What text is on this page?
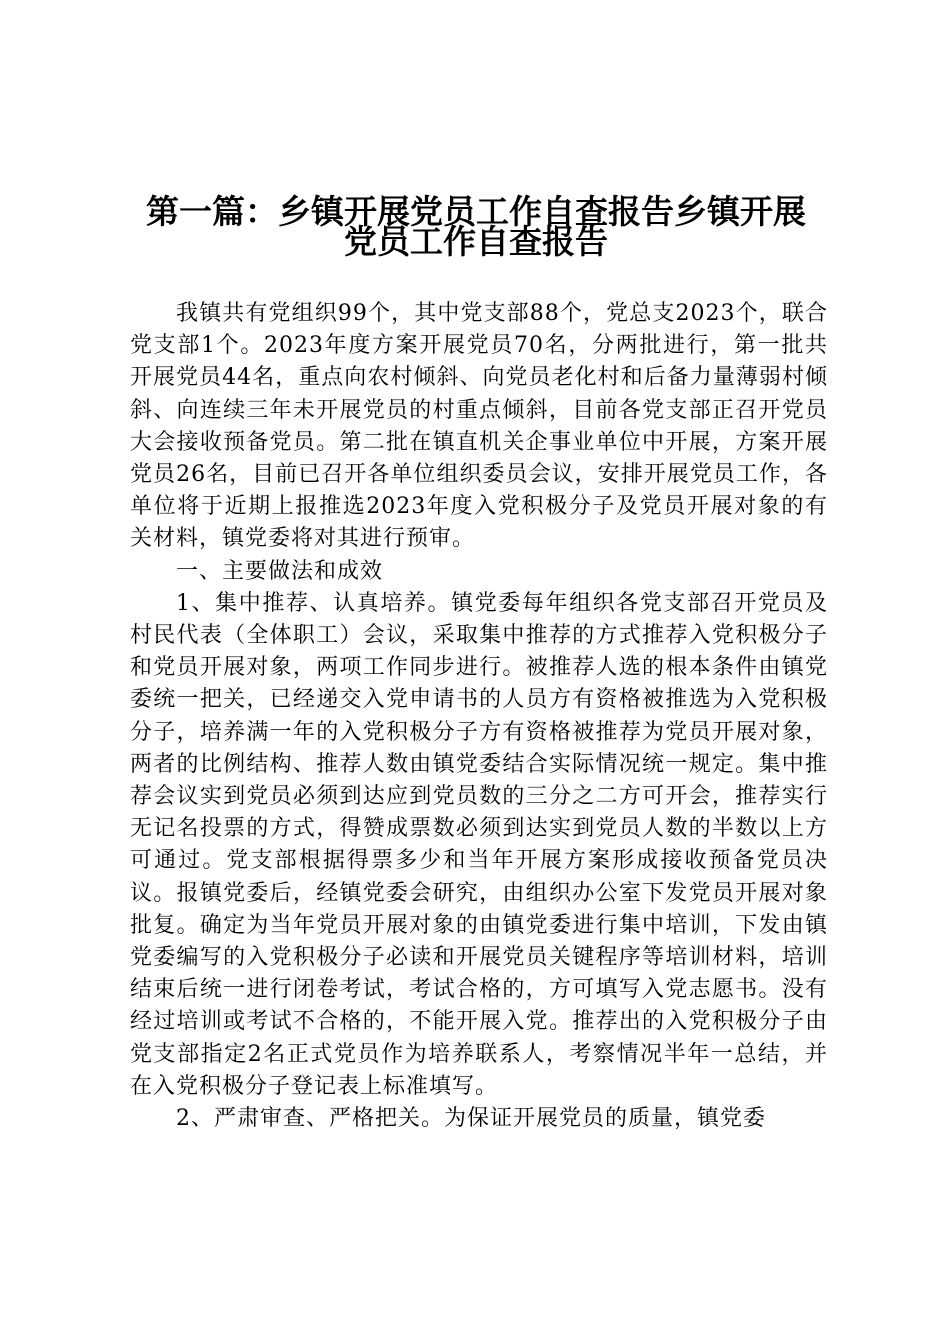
第一篇：乡镇开展党员工作自查报告乡镇开展
党员工作自查报告

我镇共有党组织99个，其中党支部88个，党总支2023个，联合党支部1个。2023年度方案开展党员70名，分两批进行，第一批共开展党员44名，重点向农村倾斜、向党员老化村和后备力量薄弱村倾斜、向连续三年未开展党员的村重点倾斜，目前各党支部正召开党员大会接收预备党员。第二批在镇直机关企事业单位中开展，方案开展党员26名，目前已召开各单位组织委员会议，安排开展党员工作，各单位将于近期上报推选2023年度入党积极分子及党员开展对象的有关材料，镇党委将对其进行预审。

一、主要做法和成效

1、集中推荐、认真培养。镇党委每年组织各党支部召开党员及村民代表（全体职工）会议，采取集中推荐的方式推荐入党积极分子和党员开展对象，两项工作同步进行。被推荐人选的根本条件由镇党委统一把关，已经递交入党申请书的人员方有资格被推选为入党积极分子，培养满一年的入党积极分子方有资格被推荐为党员开展对象，两者的比例结构、推荐人数由镇党委结合实际情况统一规定。集中推荐会议实到党员必须到达应到党员数的三分之二方可开会，推荐实行无记名投票的方式，得赞成票数必须到达实到党员人数的半数以上方可通过。党支部根据得票多少和当年开展方案形成接收预备党员决议。报镇党委后，经镇党委会研究，由组织办公室下发党员开展对象批复。确定为当年党员开展对象的由镇党委进行集中培训，下发由镇党委编写的入党积极分子必读和开展党员关键程序等培训材料，培训结束后统一进行闭卷考试，考试合格的，方可填写入党志愿书。没有经过培训或考试不合格的，不能开展入党。推荐出的入党积极分子由党支部指定2名正式党员作为培养联系人，考察情况半年一总结，并在入党积极分子登记表上标准填写。

2、严肃审查、严格把关。为保证开展党员的质量，镇党委
